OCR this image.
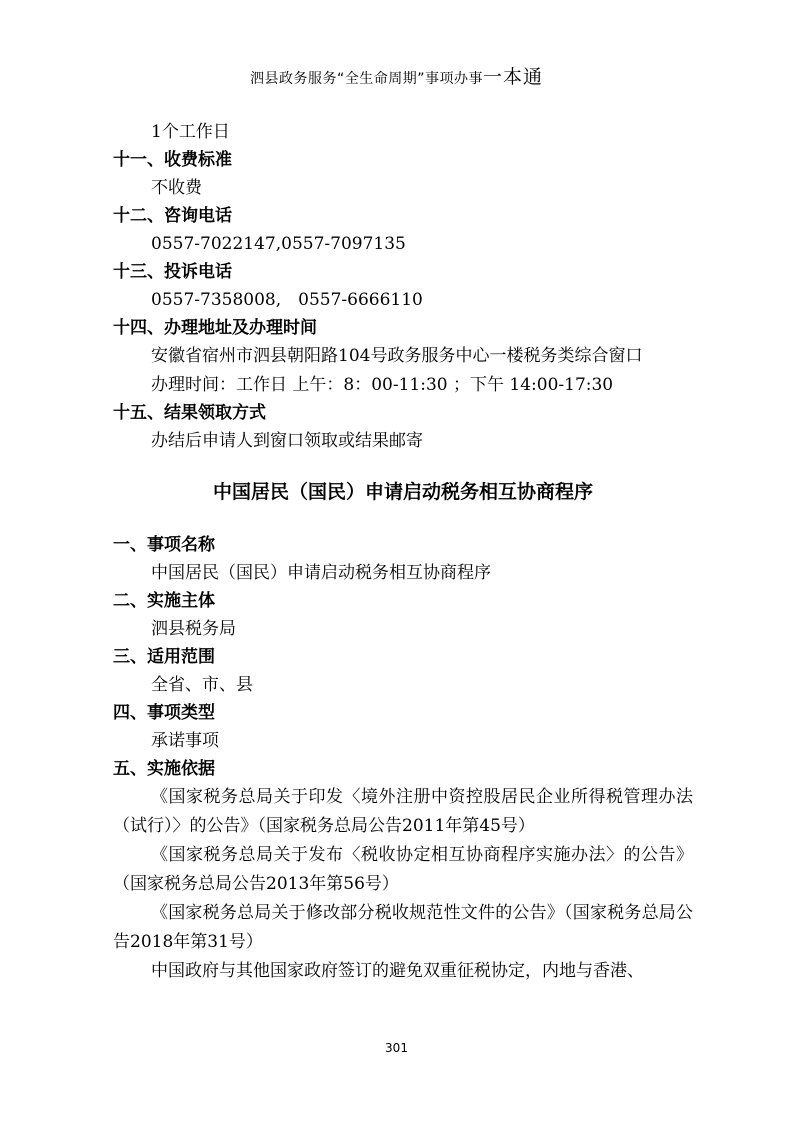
泗县政务服务“全生命周期”事项办事一本通
1个工作日
十一、收费标准
不收费
十二、咨询电话
0557-7022147,0557-7097135
十三、投诉电话
0557-7358008,　0557-6666110
十四、办理地址及办理时间
安徽省宿州市泗县朝阳路104号政务服务中心一楼税务类综合窗口
办理时间：工作日 上午：8：00-11:30 ；下午 14:00-17:30
十五、结果领取方式
办结后申请人到窗口领取或结果邮寄
中国居民（国民）申请启动税务相互协商程序
一、事项名称
中国居民（国民）申请启动税务相互协商程序
二、实施主体
泗县税务局
三、适用范围
全省、市、县
四、事项类型
承诺事项
五、实施依据
《国家税务总局关于印发〈境外注册中资控股居民企业所得税管理办法（试行）〉的公告》（国家税务总局公告2011年第45号）
《国家税务总局关于发布〈税收协定相互协商程序实施办法〉的公告》（国家税务总局公告2013年第56号）
《国家税务总局关于修改部分税收规范性文件的公告》（国家税务总局公告2018年第31号）
中国政府与其他国家政府签订的避免双重征税协定，内地与香港、
301
